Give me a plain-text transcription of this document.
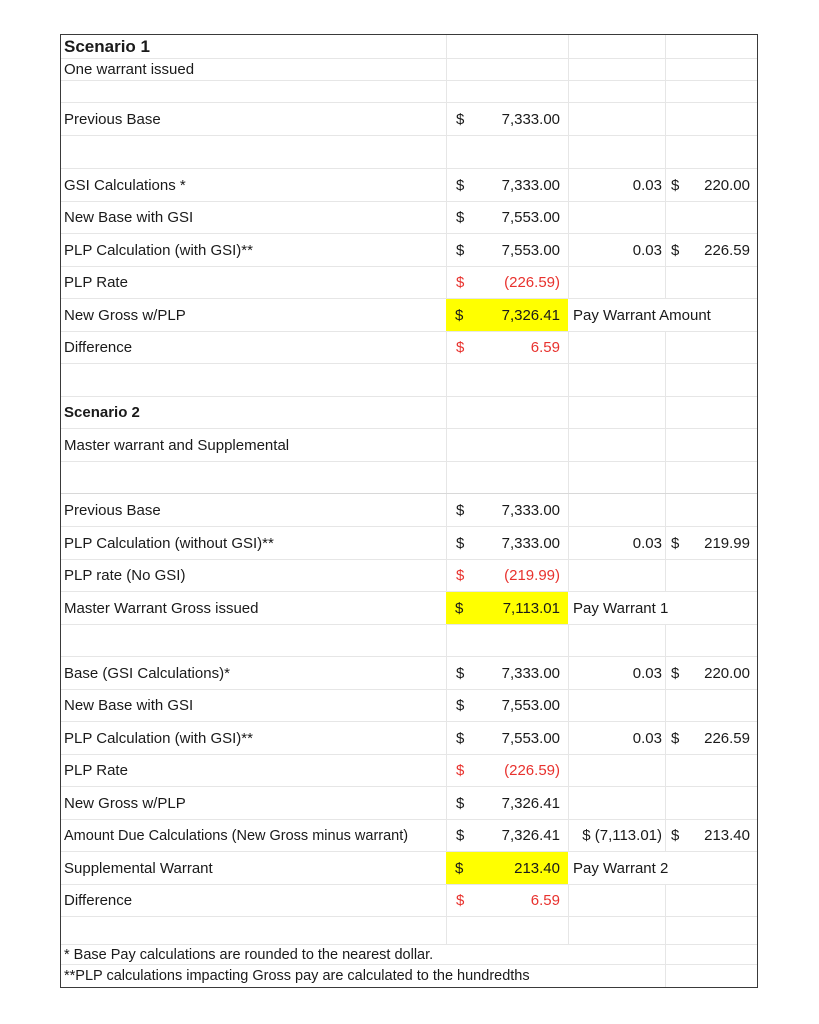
Scenario 1
One warrant issued
Previous Base	$	7,333.00
GSI Calculations *	$	7,333.00	0.03 $ 220.00
New Base with GSI	$	7,553.00
PLP Calculation (with GSI)**	$	7,553.00	0.03 $ 226.59
PLP Rate	$	(226.59)
New Gross w/PLP	$	7,326.41 Pay Warrant Amount
Difference	$	6.59
Scenario 2
Master warrant and Supplemental
Previous Base	$	7,333.00
PLP Calculation (without GSI)**	$	7,333.00	0.03 $ 219.99
PLP rate (No GSI)	$	(219.99)
Master Warrant Gross issued	$	7,113.01 Pay Warrant 1
Base (GSI Calculations)*	$	7,333.00	0.03 $ 220.00
New Base with GSI	$	7,553.00
PLP Calculation (with GSI)**	$	7,553.00	0.03 $ 226.59
PLP Rate	$	(226.59)
New Gross w/PLP	$	7,326.41
Amount Due Calculations (New Gross minus warrant)	$	7,326.41	$ (7,113.01) $ 213.40
Supplemental Warrant	$	213.40 Pay Warrant 2
Difference	$	6.59
* Base Pay calculations are rounded to the nearest dollar.
**PLP calculations impacting Gross pay are calculated to the hundredths
